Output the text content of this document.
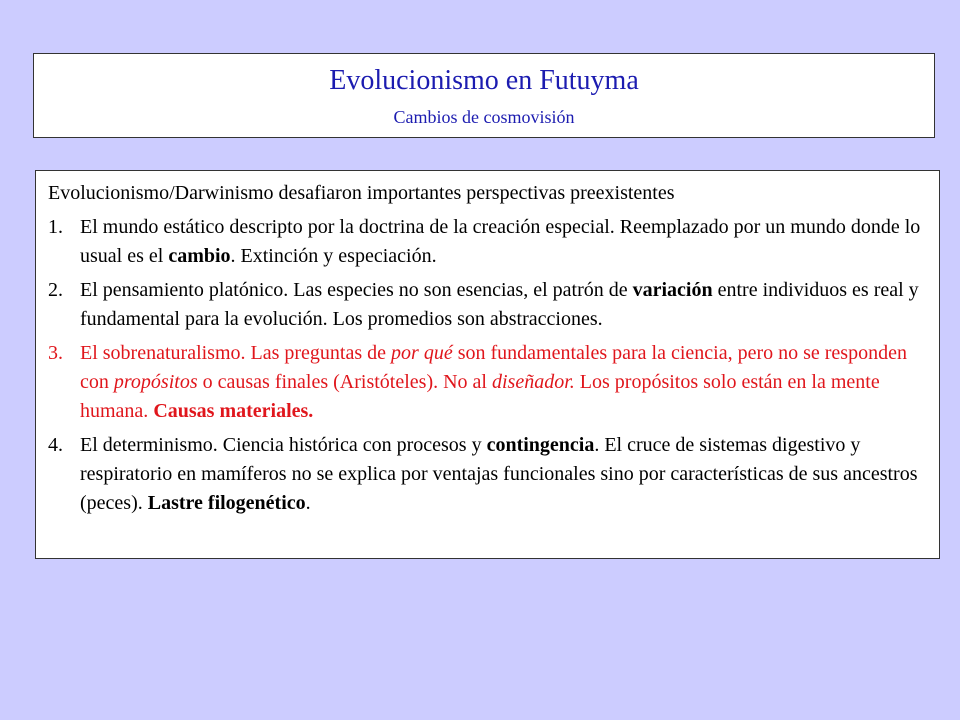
Evolucionismo en Futuyma
Cambios de cosmovisión

Evolucionismo/Darwinismo desafiaron importantes perspectivas preexistentes

1. El mundo estático descripto por la doctrina de la creación especial. Reemplazado por un mundo donde lo usual es el cambio. Extinción y especiación.
2. El pensamiento platónico. Las especies no son esencias, el patrón de variación entre individuos es real y fundamental para la evolución. Los promedios son abstracciones.
3. El sobrenaturalismo. Las preguntas de por qué son fundamentales para la ciencia, pero no se responden con propósitos o causas finales (Aristóteles). No al diseñador. Los propósitos solo están en la mente humana. Causas materiales.
4. El determinismo. Ciencia histórica con procesos y contingencia. El cruce de sistemas digestivo y respiratorio en mamíferos no se explica por ventajas funcionales sino por características de sus ancestros (peces). Lastre filogenético.
